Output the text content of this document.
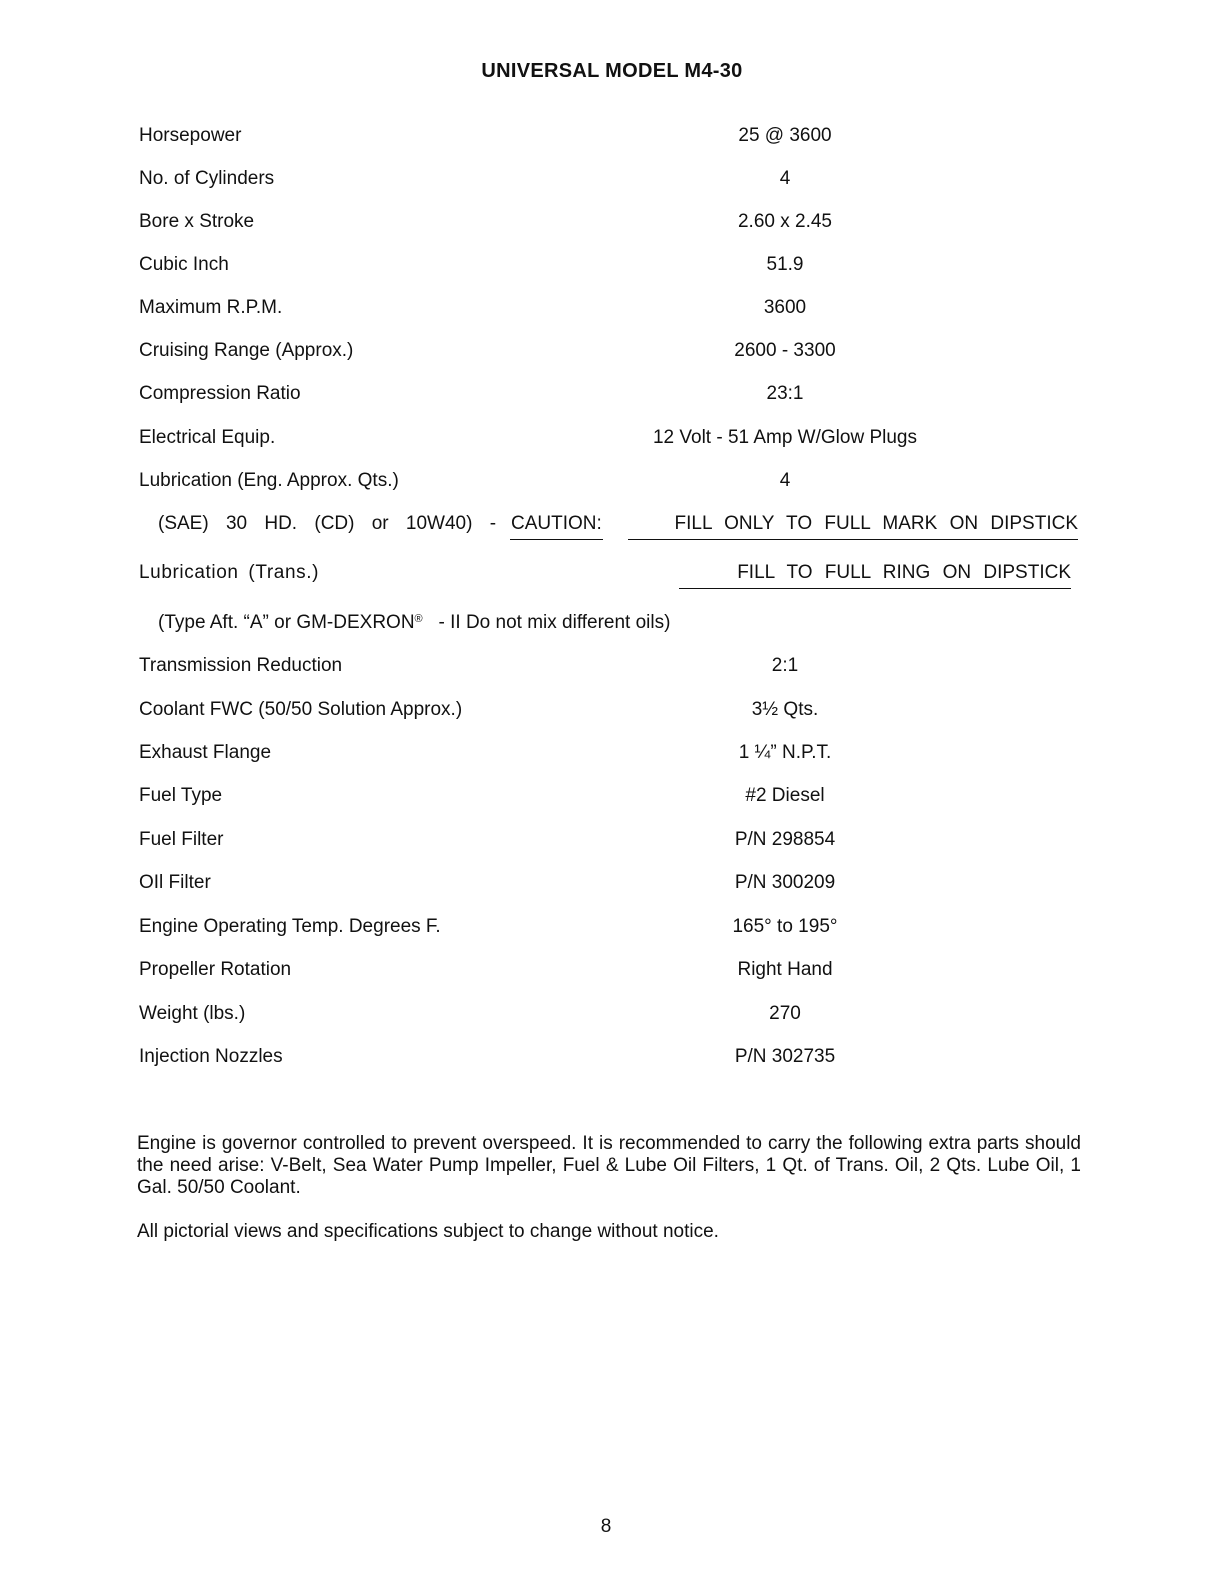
UNIVERSAL MODEL M4-30
Horsepower	25 @ 3600
No. of Cylinders	4
Bore x Stroke	2.60 x 2.45
Cubic Inch	51.9
Maximum R.P.M.	3600
Cruising Range (Approx.)	2600 - 3300
Compression Ratio	23:1
Electrical Equip.	12 Volt - 51 Amp W/Glow Plugs
Lubrication (Eng. Approx. Qts.)	4
(SAE) 30 HD. (CD) or 10W40) - CAUTION:	FILL ONLY TO FULL MARK ON DIPSTICK
Lubrication (Trans.)	FILL TO FULL RING ON DIPSTICK
(Type Aft. “A” or GM-DEXRON® - II Do not mix different oils)
Transmission Reduction	2:1
Coolant FWC (50/50 Solution Approx.)	3½ Qts.
Exhaust Flange	1 ¼” N.P.T.
Fuel Type	#2 Diesel
Fuel Filter	P/N 298854
OIl Filter	P/N 300209
Engine Operating Temp. Degrees F.	165° to 195°
Propeller Rotation	Right Hand
Weight (lbs.)	270
Injection Nozzles	P/N 302735
Engine is governor controlled to prevent overspeed. It is recommended to carry the following extra parts should the need arise: V-Belt, Sea Water Pump Impeller, Fuel & Lube Oil Filters, 1 Qt. of Trans. Oil, 2 Qts. Lube Oil, 1 Gal. 50/50 Coolant.
All pictorial views and specifications subject to change without notice.
8
